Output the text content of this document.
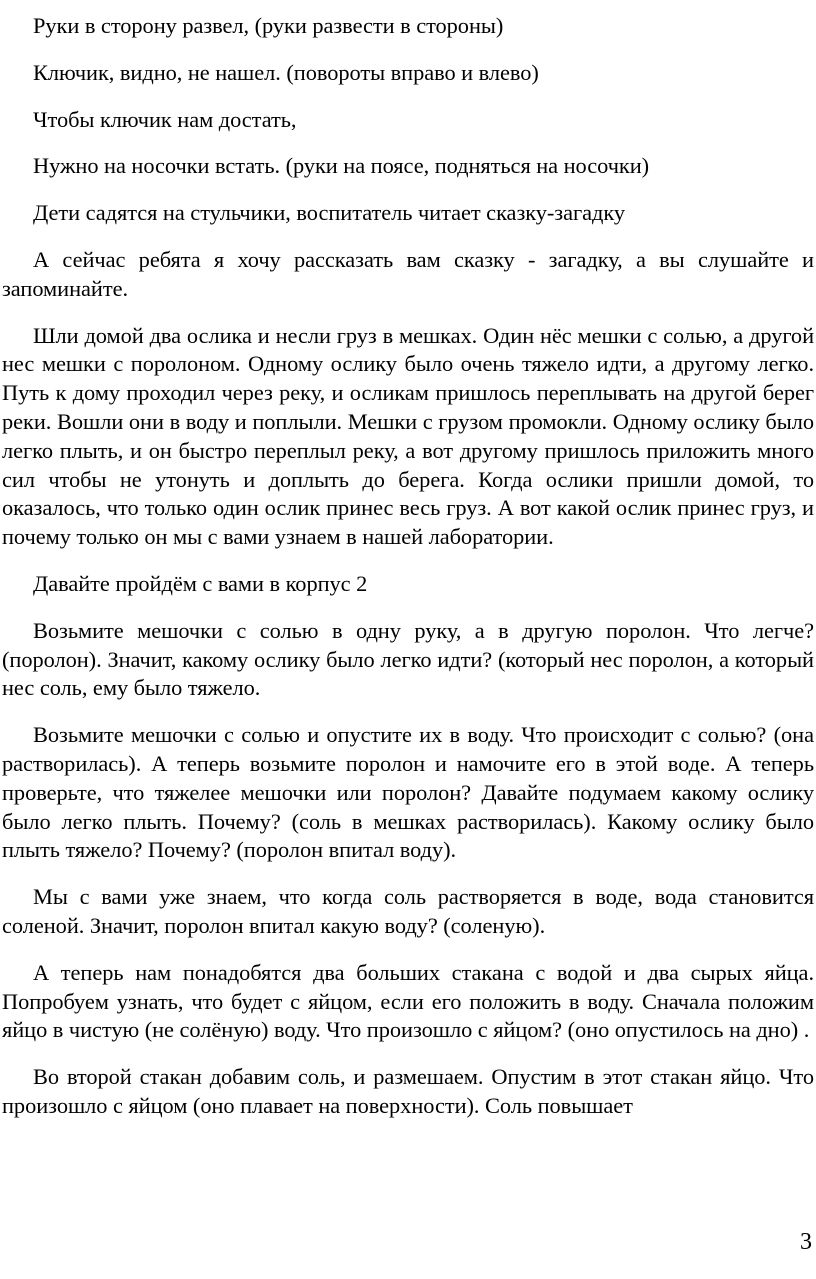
Руки в сторону развел, (руки развести в стороны)

Ключик, видно, не нашел. (повороты вправо и влево)

Чтобы ключик нам достать,

Нужно на носочки встать. (руки на поясе, подняться на носочки)

Дети садятся на стульчики, воспитатель читает сказку-загадку

А сейчас ребята я хочу рассказать вам сказку - загадку, а вы слушайте и запоминайте.

Шли домой два ослика и несли груз в мешках. Один нёс мешки с солью, а другой нес мешки с поролоном. Одному ослику было очень тяжело идти, а другому легко. Путь к дому проходил через реку, и осликам пришлось переплывать на другой берег реки. Вошли они в воду и поплыли. Мешки с грузом промокли. Одному ослику было легко плыть, и он быстро переплыл реку, а вот другому пришлось приложить много сил чтобы не утонуть и доплыть до берега. Когда ослики пришли домой, то оказалось, что только один ослик принес весь груз. А вот какой ослик принес груз, и почему только он мы с вами узнаем в нашей лаборатории.

Давайте пройдём с вами в корпус 2

Возьмите мешочки с солью в одну руку, а в другую поролон. Что легче? (поролон). Значит, какому ослику было легко идти? (который нес поролон, а который нес соль, ему было тяжело.

Возьмите мешочки с солью и опустите их в воду. Что происходит с солью? (она растворилась). А теперь возьмите поролон и намочите его в этой воде. А теперь проверьте, что тяжелее мешочки или поролон? Давайте подумаем какому ослику было легко плыть. Почему? (соль в мешках растворилась). Какому ослику было плыть тяжело? Почему? (поролон впитал воду).

Мы с вами уже знаем, что когда соль растворяется в воде, вода становится соленой. Значит, поролон впитал какую воду? (соленую).

А теперь нам понадобятся два больших стакана с водой и два сырых яйца. Попробуем узнать, что будет с яйцом, если его положить в воду. Сначала положим яйцо в чистую (не солёную) воду. Что произошло с яйцом? (оно опустилось на дно) .

Во второй стакан добавим соль, и размешаем. Опустим в этот стакан яйцо. Что произошло с яйцом (оно плавает на поверхности). Соль повышает

3
